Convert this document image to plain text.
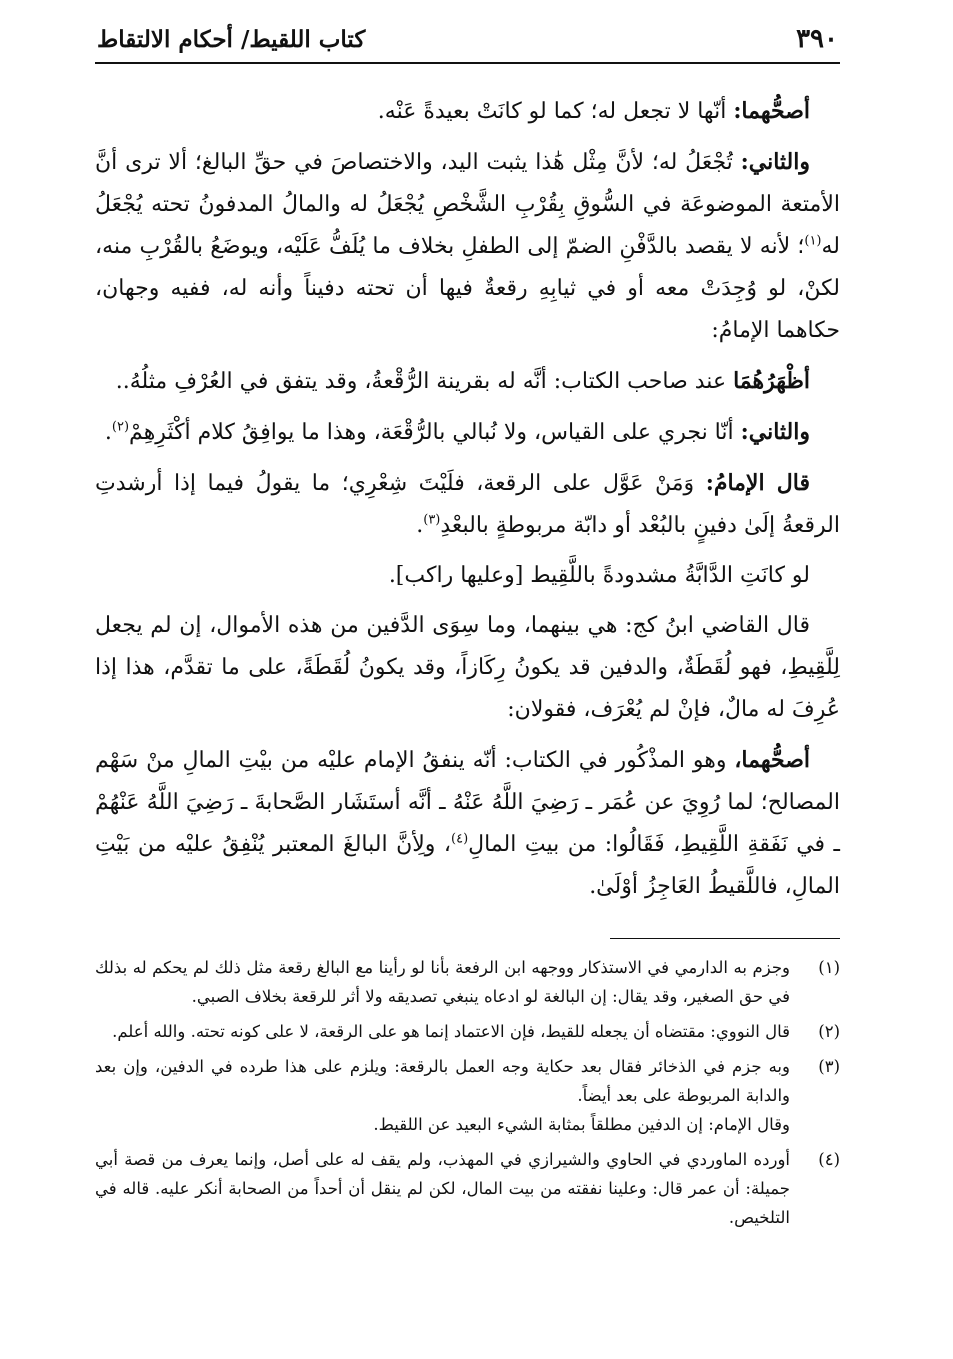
٣٩٠
كتاب اللقيط/ أحكام الالتقاط

أصحُّهما: أنّها لا تجعل له؛ كما لو كانَتْ بعيدةً عَنْه.

والثاني: تُجْعَلُ له؛ لأنَّ مِثْل هَٰذا يثبت اليد، والاختصاصَ في حقِّ البالغ؛ ألا ترى أنَّ الأمتعة الموضوعَة في السُّوقِ بِقُرْبِ الشَّخْصِ يُجْعَلُ له والمالُ المدفونُ تحته يُجْعَلُ له$^{(١)}$؛ لأنه لا يقصد بالدَّفْنِ الضمّ إلى الطفلِ بخلاف ما يُلَفُّ عَلَيْه، ويوضَعُ بالقُرْبِ منه، لكنْ، لو وُجِدَتْ معه أو في ثيابِهِ رقعةٌ فيها أن تحته دفيناً وأنه له، ففيه وجهان، حكاهما الإمامُ:

أظْهَرُهُمَا عند صاحب الكتاب: أنَّه له بقرينة الرُّقْعةُ، وقد يتفق في العُرْفِ مثلُهُ..

والثاني: أنّا نجري على القياس، ولا نُبالي بالرُّقْعَة، وهذا ما يوافِقُ كلام أكْثَرِهِمْ$^{(٢)}$.

قال الإمامُ: وَمَنْ عَوَّل على الرقعة، فلَيْتَ شِعْرِي؛ ما يقولُ فيما إذا أرشدتِ الرقعةُ إلَىٰ دفينٍ بالبُعْد أو دابّة مربوطةٍ بالبعْدِ$^{(٣)}$.

لو كانَتِ الدَّابَّةُ مشدودةً باللَّقِيط [وعليها راكب].

قال القاضي ابنُ كج: هي بينهما، وما سِوَى الدَّفين من هذه الأموال، إن لم يجعل لِلَّقِيطِ، فهو لُقَطَةٌ، والدفين قد يكونُ رِكَازاً، وقد يكونُ لُقَطَةً، على ما تقدَّم، هذا إذا عُرِفَ له مالٌ، فإنْ لم يُعْرَف، فقولان:

أصحُّهما، وهو المذْكُور في الكتاب: أنّه ينفقُ الإمام عليْه من بيْتِ المالِ منْ سَهْم المصالح؛ لما رُوِيَ عن عُمَر ـ رَضِيَ اللَّهُ عَنْهُ ـ أنَّه أستَشَار الصَّحابةَ ـ رَضِيَ اللَّهُ عَنْهُمْ ـ في نَفَقةِ اللَّقِيطِ، فَقَالُوا: من بيتِ المالِ$^{(٤)}$، ولِأنَّ البالغَ المعتبر يُنْفِقُ عليْه من بَيْتِ المالِ، فاللَّقيطُ العَاجِزُ أوْلَىٰ.

(١)
وجزم به الدارمي في الاستذكار ووجهه ابن الرفعة بأنا لو رأينا مع البالغ رقعة مثل ذلك لم يحكم له بذلك في حق الصغير، وقد يقال: إن البالغة لو ادعاه ينبغي تصديقه ولا أثر للرقعة بخلاف الصبي.
(٢)
قال النووي: مقتضاه أن يجعله للقيط، فإن الاعتماد إنما هو على الرقعة، لا على كونه تحته. والله أعلم.
(٣)
وبه جزم في الذخائر فقال بعد حكاية وجه العمل بالرقعة: ويلزم على هذا طرده في الدفين، وإن بعد والدابة المربوطة على بعد أيضاً.
وقال الإمام: إن الدفين مطلقاً بمثابة الشيء البعيد عن اللقيط.
(٤)
أورده الماوردي في الحاوي والشيرازي في المهذب، ولم يقف له على أصل، وإنما يعرف من قصة أبي جميلة: أن عمر قال: وعلينا نفقته من بيت المال، لكن لم ينقل أن أحداً من الصحابة أنكر عليه. قاله في التلخيص.
